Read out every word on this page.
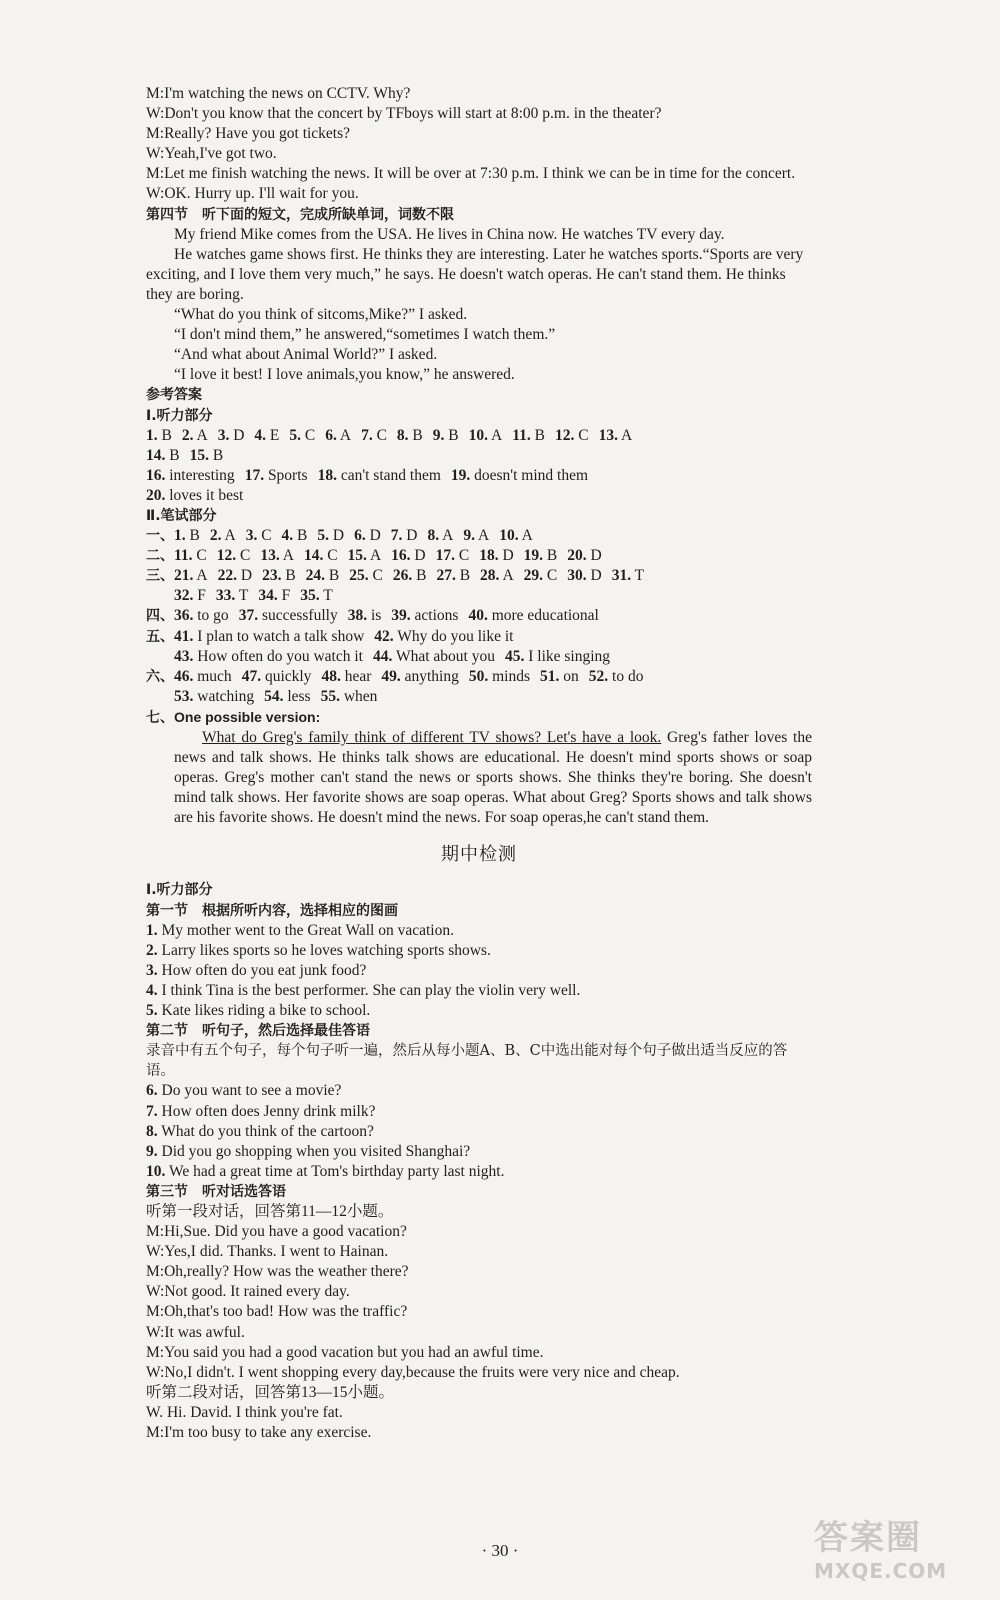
M:I'm watching the news on CCTV. Why?
W:Don't you know that the concert by TFboys will start at 8:00 p.m. in the theater?
M:Really? Have you got tickets?
W:Yeah,I've got two.
M:Let me finish watching the news. It will be over at 7:30 p.m. I think we can be in time for the concert.
W:OK. Hurry up. I'll wait for you.
第四节　听下面的短文，完成所缺单词，词数不限
My friend Mike comes from the USA. He lives in China now. He watches TV every day.
He watches game shows first. He thinks they are interesting. Later he watches sports.“Sports are very exciting, and I love them very much,” he says. He doesn't watch operas. He can't stand them. He thinks they are boring.
“What do you think of sitcoms,Mike?” I asked.
“I don't mind them,” he answered,“sometimes I watch them.”
“And what about Animal World?” I asked.
“I love it best! I love animals,you know,” he answered.
参考答案
Ⅰ.听力部分
1. B 2. A 3. D 4. E 5. C 6. A 7. C 8. B 9. B 10. A 11. B 12. C 13. A
14. B 15. B
16. interesting 17. Sports 18. can't stand them 19. doesn't mind them
20. loves it best
Ⅱ.笔试部分
一、1. B 2. A 3. C 4. B 5. D 6. D 7. D 8. A 9. A 10. A
二、11. C 12. C 13. A 14. C 15. A 16. D 17. C 18. D 19. B 20. D
三、21. A 22. D 23. B 24. B 25. C 26. B 27. B 28. A 29. C 30. D 31. T
32. F 33. T 34. F 35. T
四、36. to go 37. successfully 38. is 39. actions 40. more educational
五、41. I plan to watch a talk show 42. Why do you like it
43. How often do you watch it 44. What about you 45. I like singing
六、46. much 47. quickly 48. hear 49. anything 50. minds 51. on 52. to do
53. watching 54. less 55. when
七、One possible version:
What do Greg's family think of different TV shows? Let's have a look. Greg's father loves the news and talk shows. He thinks talk shows are educational. He doesn't mind sports shows or soap operas. Greg's mother can't stand the news or sports shows. She thinks they're boring. She doesn't mind talk shows. Her favorite shows are soap operas. What about Greg? Sports shows and talk shows are his favorite shows. He doesn't mind the news. For soap operas,he can't stand them.
期中检测
Ⅰ.听力部分
第一节　根据所听内容，选择相应的图画
1. My mother went to the Great Wall on vacation.
2. Larry likes sports so he loves watching sports shows.
3. How often do you eat junk food?
4. I think Tina is the best performer. She can play the violin very well.
5. Kate likes riding a bike to school.
第二节　听句子，然后选择最佳答语
录音中有五个句子，每个句子听一遍，然后从每小题A、B、C中选出能对每个句子做出适当反应的答语。
6. Do you want to see a movie?
7. How often does Jenny drink milk?
8. What do you think of the cartoon?
9. Did you go shopping when you visited Shanghai?
10. We had a great time at Tom's birthday party last night.
第三节　听对话选答语
听第一段对话，回答第11—12小题。
M:Hi,Sue. Did you have a good vacation?
W:Yes,I did. Thanks. I went to Hainan.
M:Oh,really? How was the weather there?
W:Not good. It rained every day.
M:Oh,that's too bad! How was the traffic?
W:It was awful.
M:You said you had a good vacation but you had an awful time.
W:No,I didn't. I went shopping every day,because the fruits were very nice and cheap.
听第二段对话，回答第13—15小题。
W. Hi. David. I think you're fat.
M:I'm too busy to take any exercise.
· 30 ·	答案圈
MXQE.COM
